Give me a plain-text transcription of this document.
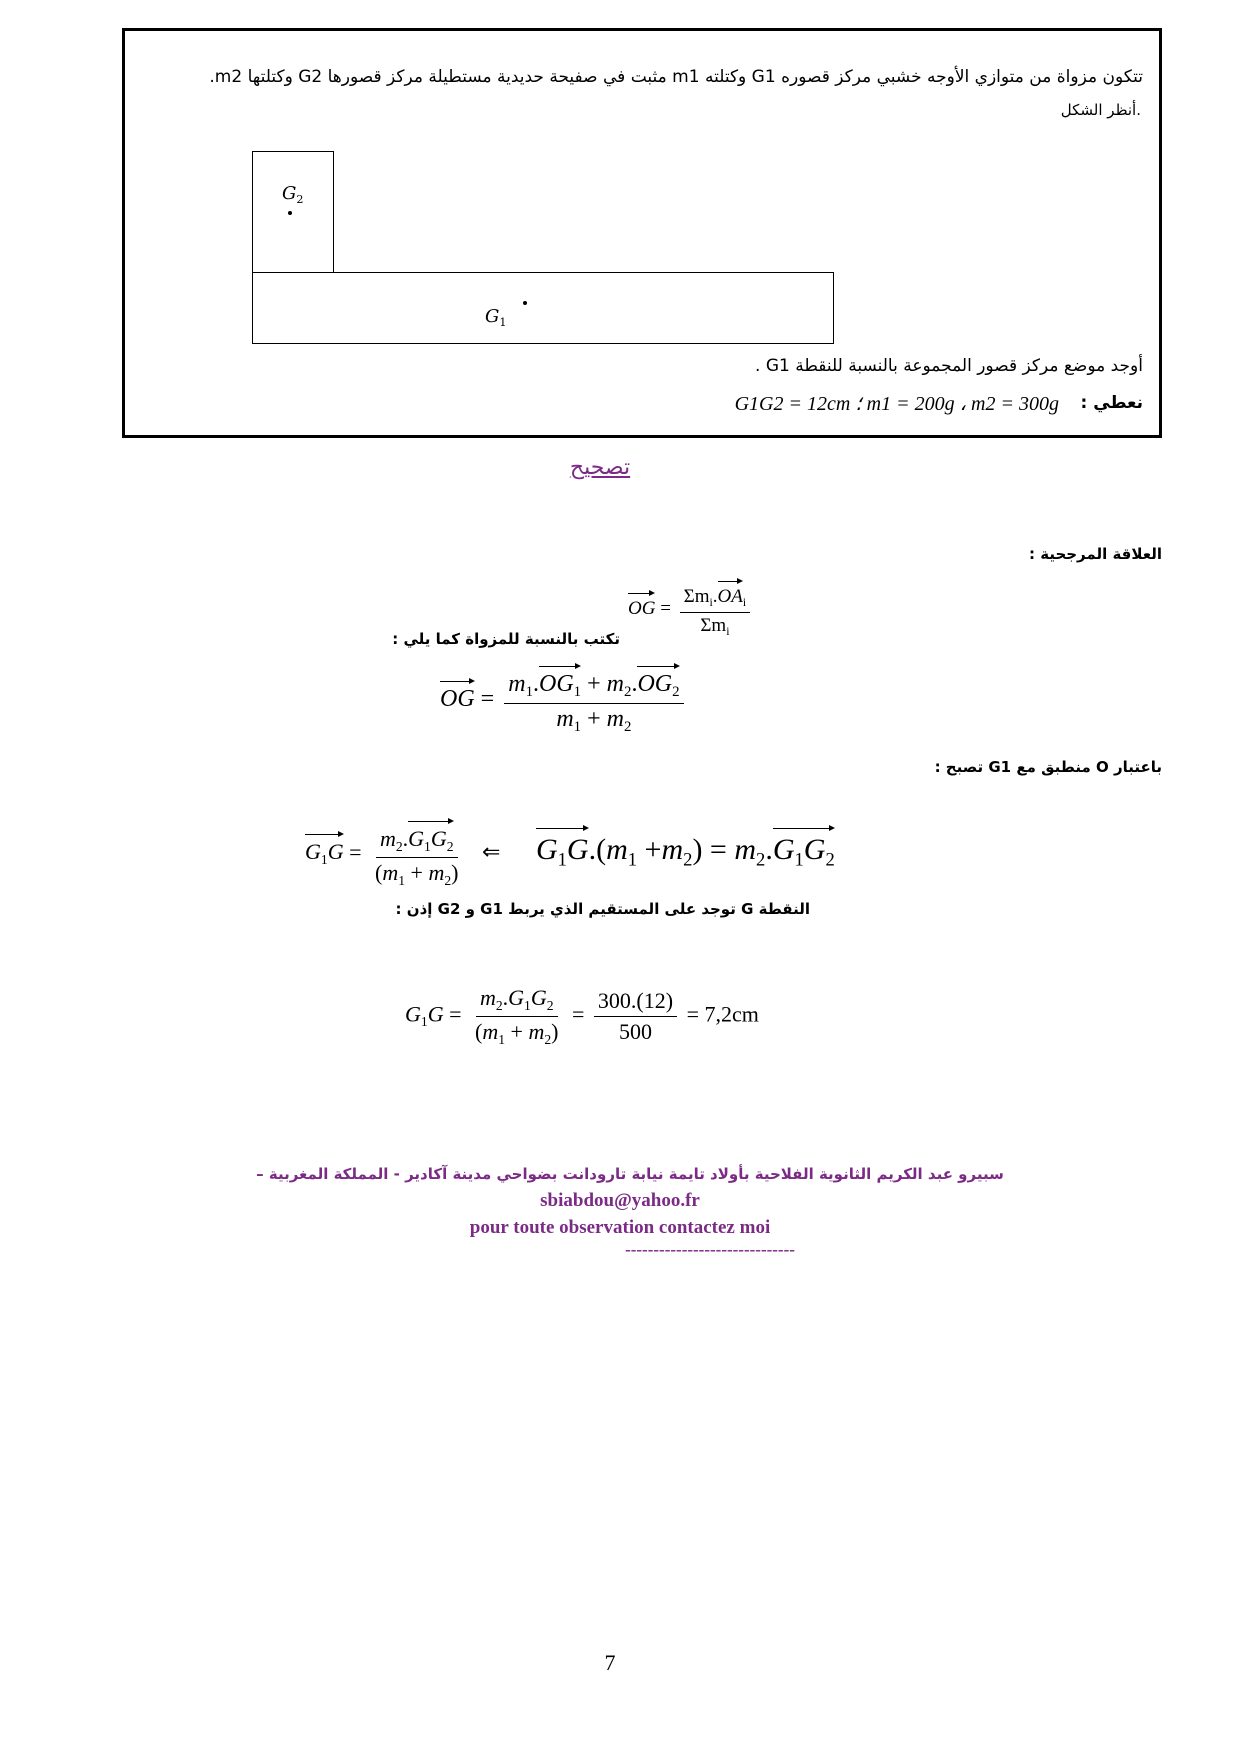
تتكون مزواة من متوازي الأوجه خشبي مركز قصوره G1 وكتلته m1 مثبت في صفيحة حديدية مستطيلة مركز قصورها G2 وكتلتها m2.
.أنظر الشكل
$G_2$
$G_1$
أوجد موضع مركز قصور المجموعة بالنسبة للنقطة G1 .
نعطي :
m1 = 200g ، m2 = 300g ؛ G1G2 = 12cm
تصحيح
العلاقة المرجحية :
OG = $\frac{\Sigma m_i.OA_i}{\Sigma m_i}$
تكتب بالنسبة للمزواة كما يلي :
OG = $\frac{m_1.OG_1 + m_2.OG_2}{m_1 + m_2}$
باعتبار O منطبق مع G1 تصبح :
$G_1G = \frac{m_2.G_1G_2}{(m_1 + m_2)}$ ⇐ $G_1G.(m_1 +m_2) = m_2.G_1G_2$
النقطة G توجد على المستقيم الذي يربط G1 و G2 إذن :
$G_1G = \frac{m_2.G_1G_2}{(m_1 + m_2)} = \frac{300.(12)}{500} = 7,2cm$
سبيرو عبد الكريم الثانوية الفلاحية بأولاد تايمة نيابة تارودانت بضواحي مدينة آكادير - المملكة المغربية –
sbiabdou@yahoo.fr
pour toute observation contactez moi
------------------------------
7
